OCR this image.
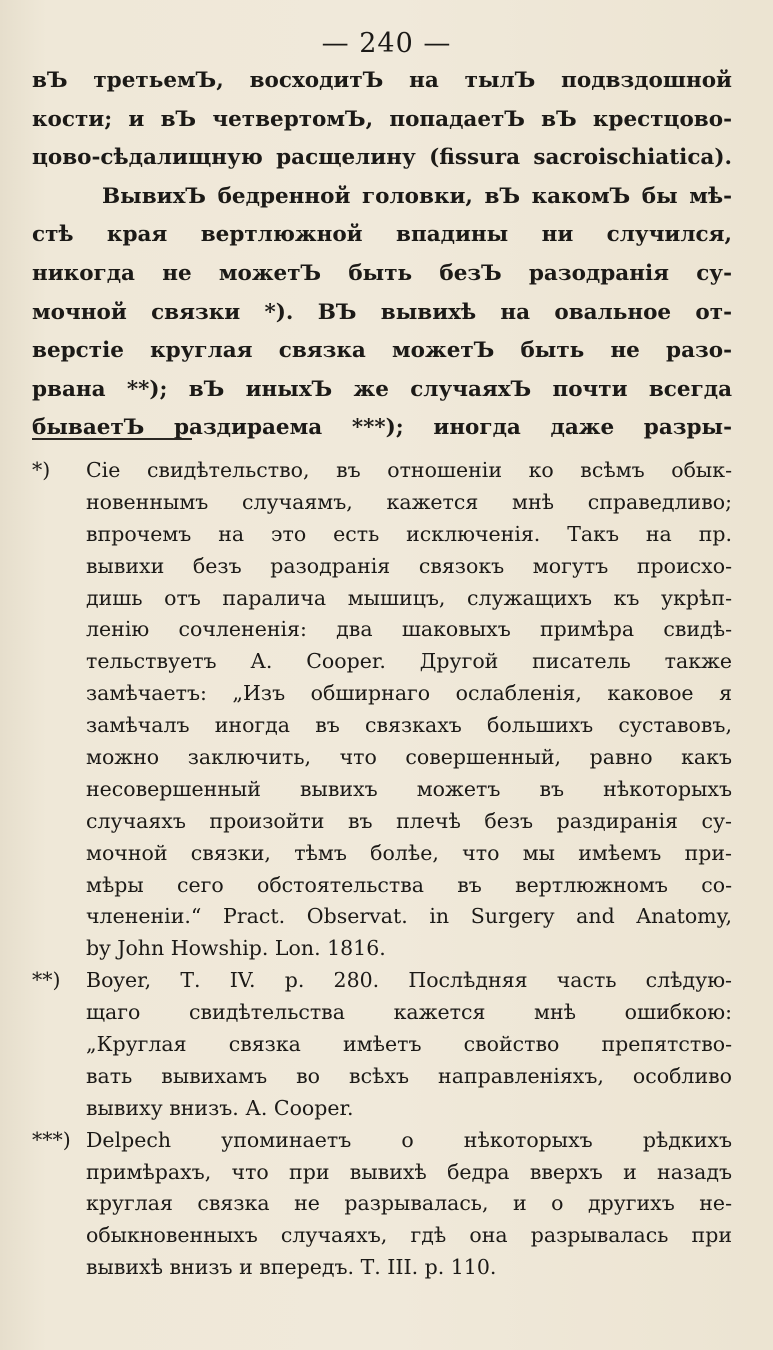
— 240 —
вЪ третьемЪ, восходитЪ на тылЪ подвздошной
кости; и вЪ четвертомЪ, попадаетЪ вЪ крестцово-
цово-сѣдалищную расщелину (fissura sacroischiatica).
ВывихЪ бедренной головки, вЪ какомЪ бы мѣ-
стѣ края вертлюжной впадины ни случился,
никогда не можетЪ быть безЪ разодранія су-
мочной связки *). ВЪ вывихѣ на овальное от-
верстіе круглая связка можетЪ быть не разо-
рвана **); вЪ иныхЪ же случаяхЪ почти всегда
бываетЪ раздираема ***); иногда даже разры-
*) Сіе свидѣтельство, въ отношеніи ко всѣмъ обык-
новеннымъ случаямъ, кажется мнѣ справедливо;
впрочемъ на это есть исключенія. Такъ на пр.
вывихи безъ разодранія связокъ могутъ происхо-
дишь отъ паралича мышицъ, служащихъ къ укрѣп-
ленію сочлененія: два шаковыхъ примѣра свидѣ-
тельствуетъ А. Cooper. Другой писатель также
замѣчаетъ: „Изъ обширнаго ослабленія, каковое я
замѣчалъ иногда въ связкахъ большихъ суставовъ,
можно заключить, что совершенный, равно какъ
несовершенный вывихъ можетъ въ нѣкоторыхъ
случаяхъ произойти въ плечѣ безъ раздиранія су-
мочной связки, тѣмъ болѣе, что мы имѣемъ при-
мѣры сего обстоятельства въ вертлюжномъ со-
члененіи.“ Pract. Observat. in Surgery and Anatomy,
by John Howship. Lon. 1816.
**) Boyer, Т. IV. р. 280. Послѣдняя часть слѣдую-
щаго свидѣтельства кажется мнѣ ошибкою:
„Круглая связка имѣетъ свойство препятство-
вать вывихамъ во всѣхъ направленіяхъ, особливо
вывиху внизъ. А. Cooper.
***) Delpech упоминаетъ о нѣкоторыхъ рѣдкихъ
примѣрахъ, что при вывихѣ бедра вверхъ и назадъ
круглая связка не разрывалась, и о другихъ не-
обыкновенныхъ случаяхъ, гдѣ она разрывалась при
вывихѣ внизъ и впередъ. Т. III. р. 110.
